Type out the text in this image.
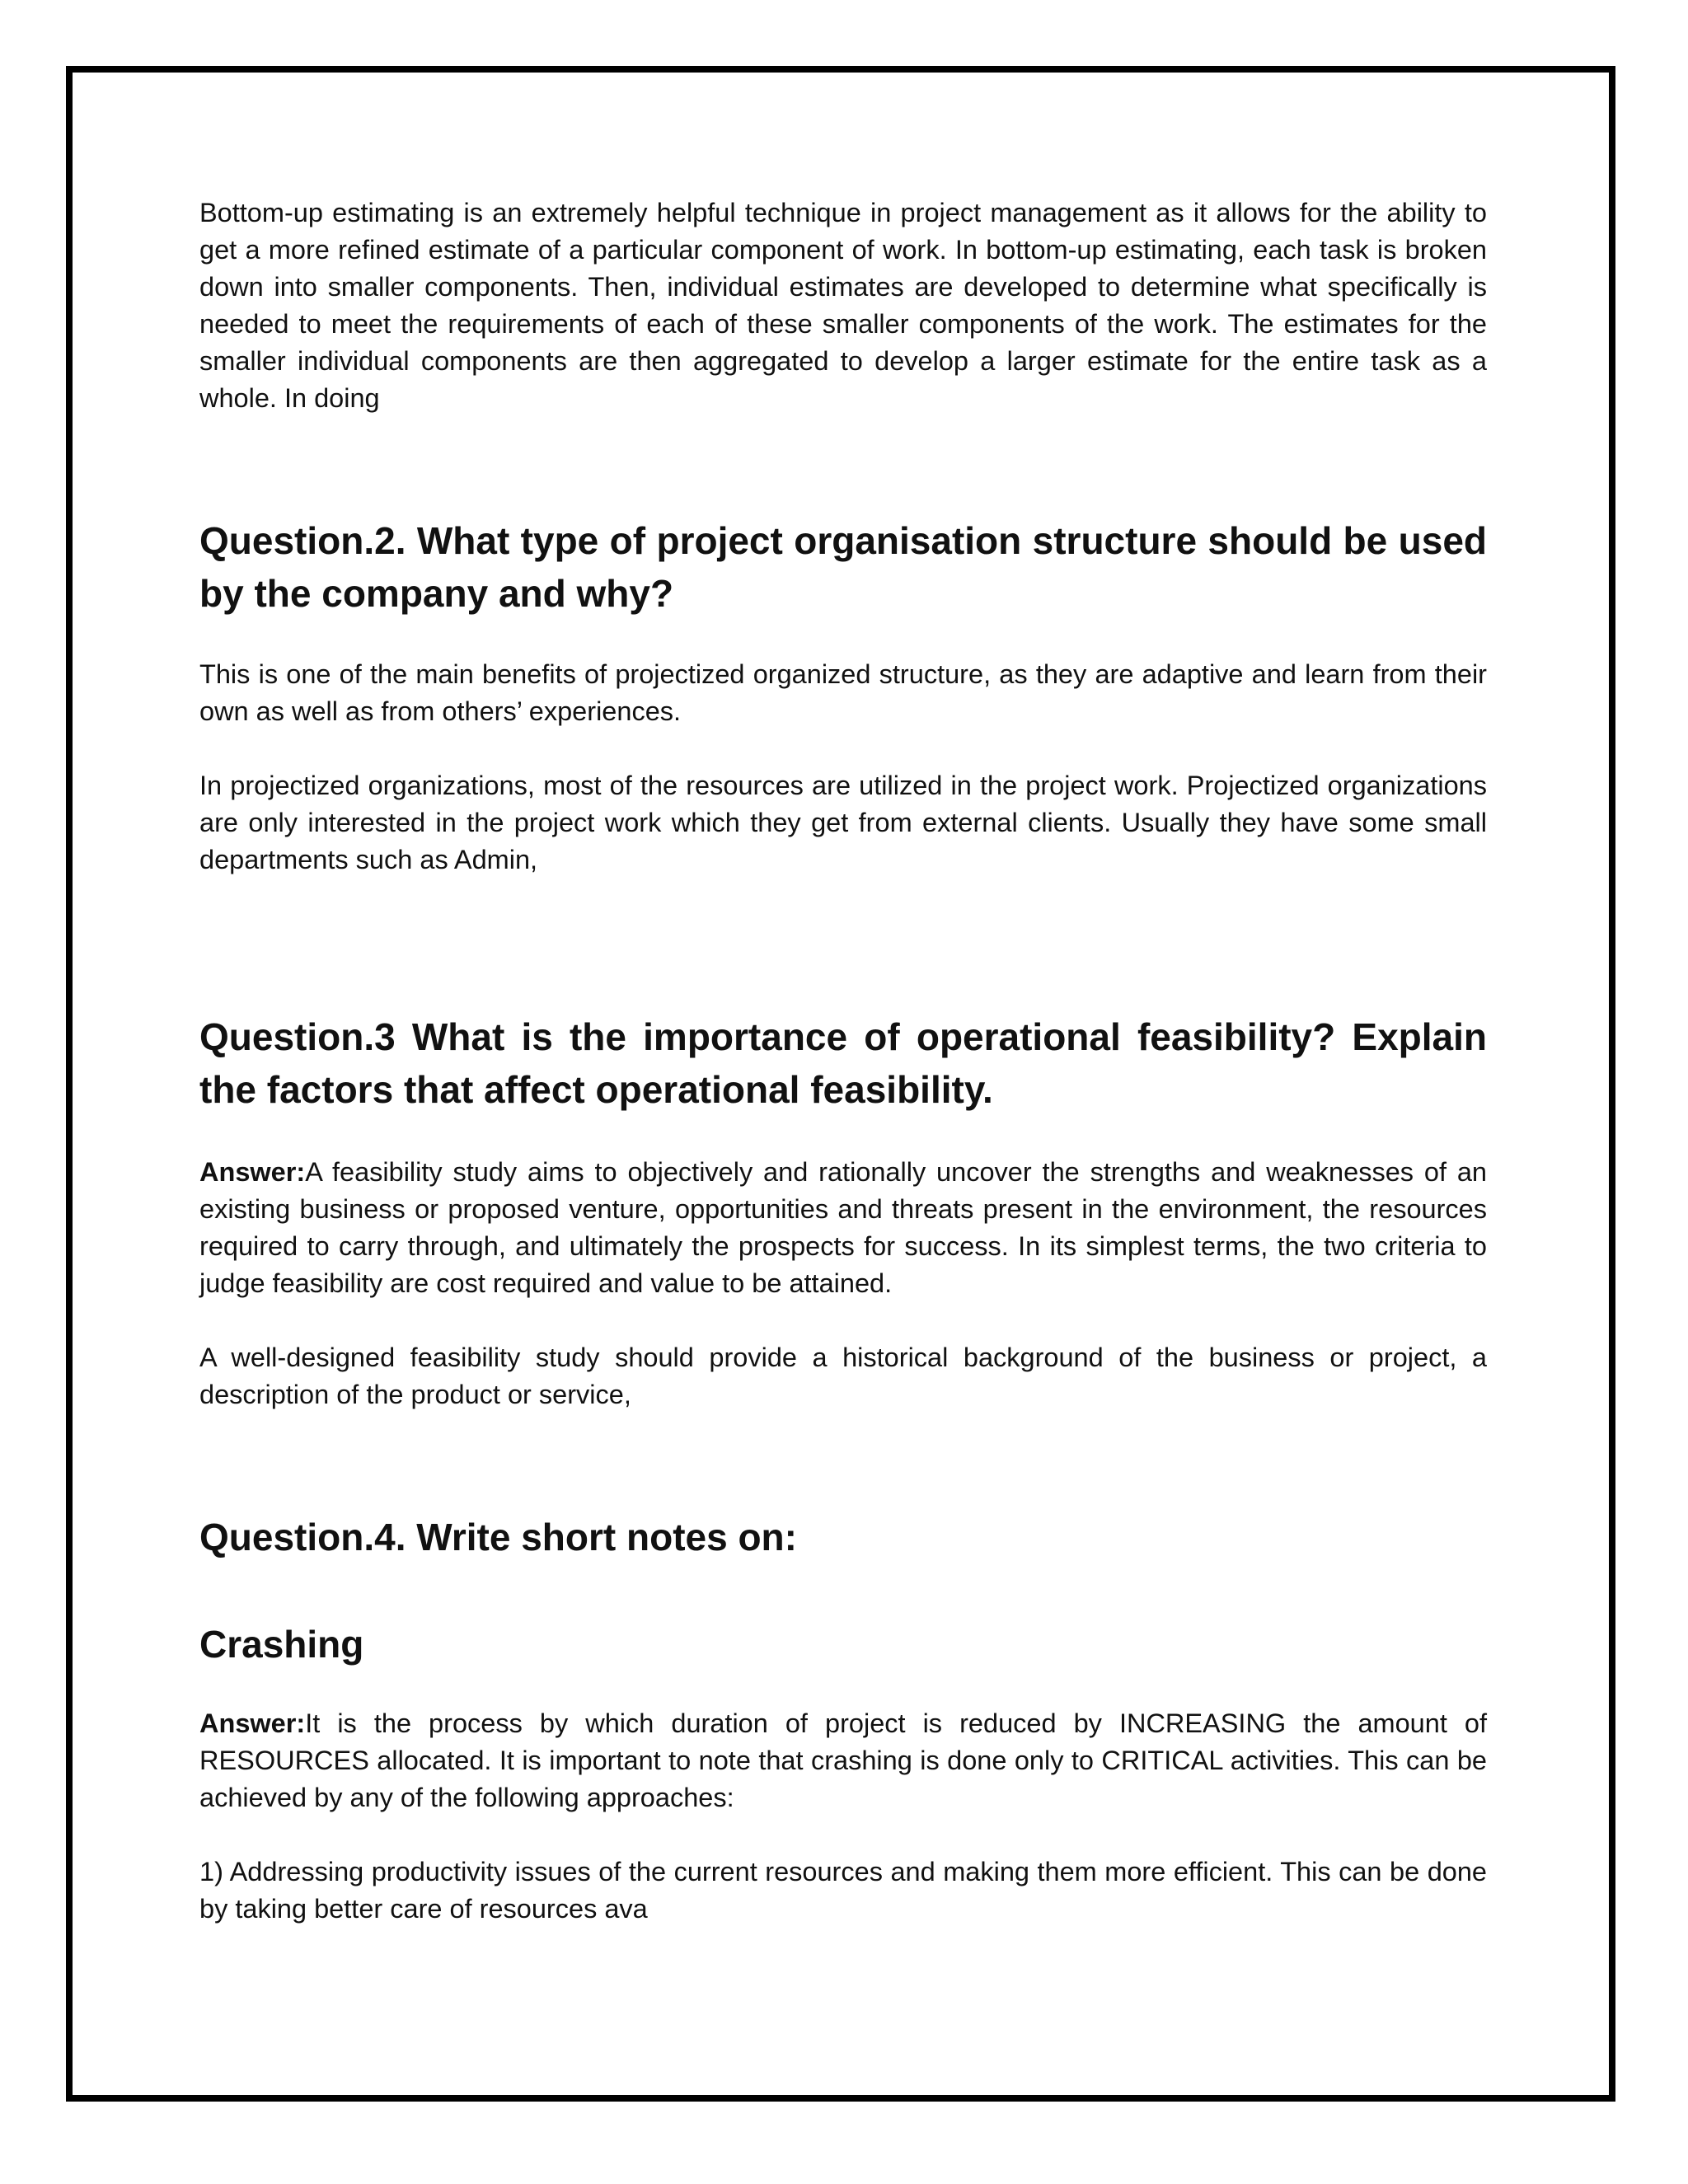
Bottom-up estimating is an extremely helpful technique in project management as it allows for the ability to get a more refined estimate of a particular component of work. In bottom-up estimating, each task is broken down into smaller components. Then, individual estimates are developed to determine what specifically is needed to meet the requirements of each of these smaller components of the work. The estimates for the smaller individual components are then aggregated to develop a larger estimate for the entire task as a whole. In doing

Question.2. What type of project organisation structure should be used by the company and why?

This is one of the main benefits of projectized organized structure, as they are adaptive and learn from their own as well as from others’ experiences.

In projectized organizations, most of the resources are utilized in the project work. Projectized organizations are only interested in the project work which they get from external clients. Usually they have some small departments such as Admin,

Question.3 What is the importance of operational feasibility? Explain the factors that affect operational feasibility.

Answer:A feasibility study aims to objectively and rationally uncover the strengths and weaknesses of an existing business or proposed venture, opportunities and threats present in the environment, the resources required to carry through, and ultimately the prospects for success. In its simplest terms, the two criteria to judge feasibility are cost required and value to be attained.

A well-designed feasibility study should provide a historical background of the business or project, a description of the product or service,

Question.4. Write short notes on:
Crashing

Answer:It is the process by which duration of project is reduced by INCREASING the amount of RESOURCES allocated. It is important to note that crashing is done only to CRITICAL activities. This can be achieved by any of the following approaches:

1) Addressing productivity issues of the current resources and making them more efficient. This can be done by taking better care of resources ava
